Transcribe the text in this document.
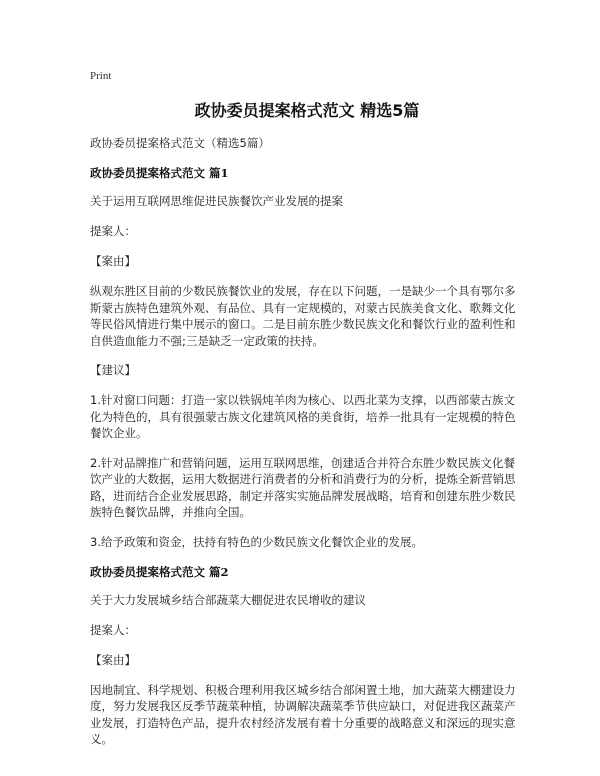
Print
政协委员提案格式范文 精选5篇
政协委员提案格式范文（精选5篇）
政协委员提案格式范文 篇1

关于运用互联网思维促进民族餐饮产业发展的提案

提案人：

【案由】

纵观东胜区目前的少数民族餐饮业的发展，存在以下问题，一是缺少一个具有鄂尔多斯蒙古族特色建筑外观、有品位、具有一定规模的，对蒙古民族美食文化、歌舞文化等民俗风情进行集中展示的窗口。二是目前东胜少数民族文化和餐饮行业的盈利性和自供造血能力不强;三是缺乏一定政策的扶持。

【建议】

1.针对窗口问题：打造一家以铁锅炖羊肉为核心、以西北菜为支撑，以西部蒙古族文化为特色的，具有很强蒙古族文化建筑风格的美食街，培养一批具有一定规模的特色餐饮企业。

2.针对品牌推广和营销问题，运用互联网思维，创建适合并符合东胜少数民族文化餐饮产业的大数据，运用大数据进行消费者的分析和消费行为的分析，提炼全新营销思路，进而结合企业发展思路，制定并落实实施品牌发展战略，培育和创建东胜少数民族特色餐饮品牌，并推向全国。

3.给予政策和资金，扶持有特色的少数民族文化餐饮企业的发展。

政协委员提案格式范文 篇2

关于大力发展城乡结合部蔬菜大棚促进农民增收的建议

提案人：

【案由】

因地制宜、科学规划、积极合理利用我区城乡结合部闲置土地，加大蔬菜大棚建设力度，努力发展我区反季节蔬菜种植，协调解决蔬菜季节供应缺口，对促进我区蔬菜产业发展，打造特色产品，提升农村经济发展有着十分重要的战略意义和深远的现实意义。
